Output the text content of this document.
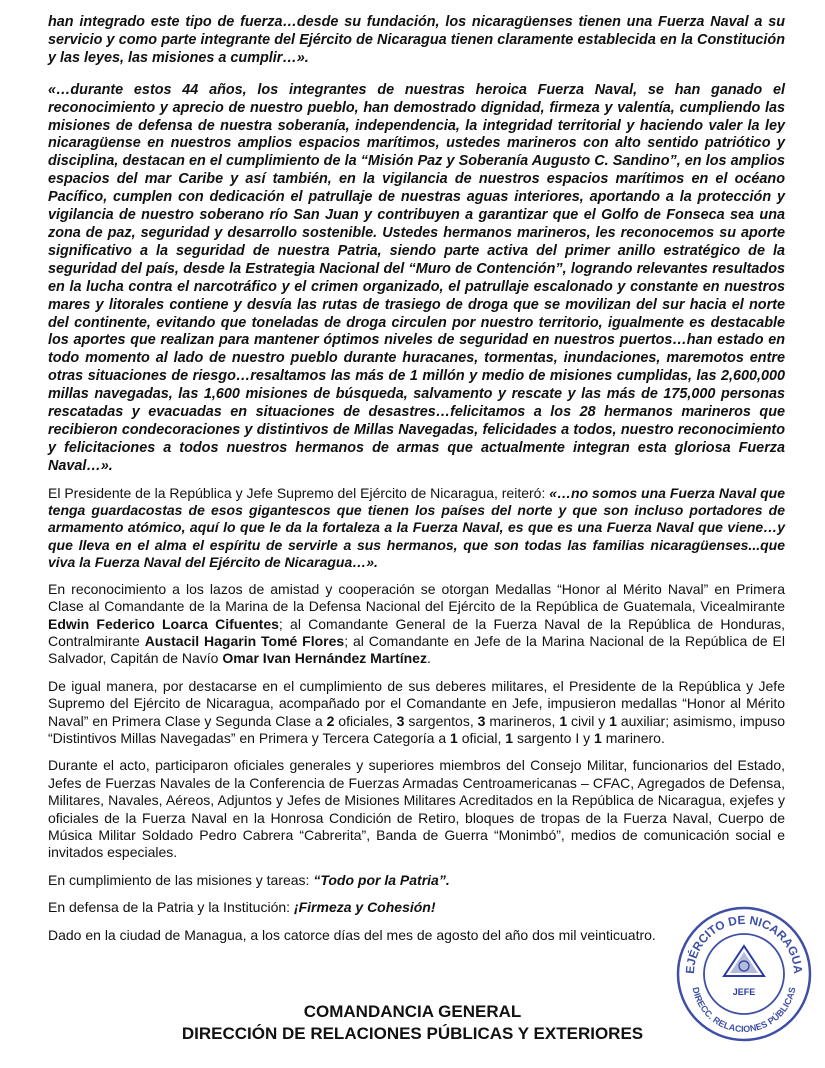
han integrado este tipo de fuerza…desde su fundación, los nicaragüenses tienen una Fuerza Naval a su servicio y como parte integrante del Ejército de Nicaragua tienen claramente establecida en la Constitución y las leyes, las misiones a cumplir…».

«…durante estos 44 años, los integrantes de nuestras heroica Fuerza Naval, se han ganado el reconocimiento y aprecio de nuestro pueblo, han demostrado dignidad, firmeza y valentía, cumpliendo las misiones de defensa de nuestra soberanía, independencia, la integridad territorial y haciendo valer la ley nicaragüense en nuestros amplios espacios marítimos, ustedes marineros con alto sentido patriótico y disciplina, destacan en el cumplimiento de la “Misión Paz y Soberanía Augusto C. Sandino”, en los amplios espacios del mar Caribe y así también, en la vigilancia de nuestros espacios marítimos en el océano Pacífico, cumplen con dedicación el patrullaje de nuestras aguas interiores, aportando a la protección y vigilancia de nuestro soberano río San Juan y contribuyen a garantizar que el Golfo de Fonseca sea una zona de paz, seguridad y desarrollo sostenible. Ustedes hermanos marineros, les reconocemos su aporte significativo a la seguridad de nuestra Patria, siendo parte activa del primer anillo estratégico de la seguridad del país, desde la Estrategia Nacional del “Muro de Contención”, logrando relevantes resultados en la lucha contra el narcotráfico y el crimen organizado, el patrullaje escalonado y constante en nuestros mares y litorales contiene y desvía las rutas de trasiego de droga que se movilizan del sur hacia el norte del continente, evitando que toneladas de droga circulen por nuestro territorio, igualmente es destacable los aportes que realizan para mantener óptimos niveles de seguridad en nuestros puertos…han estado en todo momento al lado de nuestro pueblo durante huracanes, tormentas, inundaciones, maremotos entre otras situaciones de riesgo…resaltamos las más de 1 millón y medio de misiones cumplidas, las 2,600,000 millas navegadas, las 1,600 misiones de búsqueda, salvamento y rescate y las más de 175,000 personas rescatadas y evacuadas en situaciones de desastres…felicitamos a los 28 hermanos marineros que recibieron condecoraciones y distintivos de Millas Navegadas, felicidades a todos, nuestro reconocimiento y felicitaciones a todos nuestros hermanos de armas que actualmente integran esta gloriosa Fuerza Naval…».

El Presidente de la República y Jefe Supremo del Ejército de Nicaragua, reiteró: «…no somos una Fuerza Naval que tenga guardacostas de esos gigantescos que tienen los países del norte y que son incluso portadores de armamento atómico, aquí lo que le da la fortaleza a la Fuerza Naval, es que es una Fuerza Naval que viene…y que lleva en el alma el espíritu de servirle a sus hermanos, que son todas las familias nicaragüenses...que viva la Fuerza Naval del Ejército de Nicaragua…».

En reconocimiento a los lazos de amistad y cooperación se otorgan Medallas “Honor al Mérito Naval” en Primera Clase al Comandante de la Marina de la Defensa Nacional del Ejército de la República de Guatemala, Vicealmirante Edwin Federico Loarca Cifuentes; al Comandante General de la Fuerza Naval de la República de Honduras, Contralmirante Austacil Hagarin Tomé Flores; al Comandante en Jefe de la Marina Nacional de la República de El Salvador, Capitán de Navío Omar Ivan Hernández Martínez.

De igual manera, por destacarse en el cumplimiento de sus deberes militares, el Presidente de la República y Jefe Supremo del Ejército de Nicaragua, acompañado por el Comandante en Jefe, impusieron medallas “Honor al Mérito Naval” en Primera Clase y Segunda Clase a 2 oficiales, 3 sargentos, 3 marineros, 1 civil y 1 auxiliar; asimismo, impuso “Distintivos Millas Navegadas” en Primera y Tercera Categoría a 1 oficial, 1 sargento I y 1 marinero.

Durante el acto, participaron oficiales generales y superiores miembros del Consejo Militar, funcionarios del Estado, Jefes de Fuerzas Navales de la Conferencia de Fuerzas Armadas Centroamericanas – CFAC, Agregados de Defensa, Militares, Navales, Aéreos, Adjuntos y Jefes de Misiones Militares Acreditados en la República de Nicaragua, exjefes y oficiales de la Fuerza Naval en la Honrosa Condición de Retiro, bloques de tropas de la Fuerza Naval, Cuerpo de Música Militar Soldado Pedro Cabrera “Cabrerita”, Banda de Guerra “Monimbó”, medios de comunicación social e invitados especiales.

En cumplimiento de las misiones y tareas: “Todo por la Patria”.

En defensa de la Patria y la Institución: ¡Firmeza y Cohesión!

Dado en la ciudad de Managua, a los catorce días del mes de agosto del año dos mil veinticuatro.

COMANDANCIA GENERAL
DIRECCIÓN DE RELACIONES PÚBLICAS Y EXTERIORES
EJÉRCITO DE NICARAGUA
DIRECC. RELACIONES PÚBLICAS
JEFE
